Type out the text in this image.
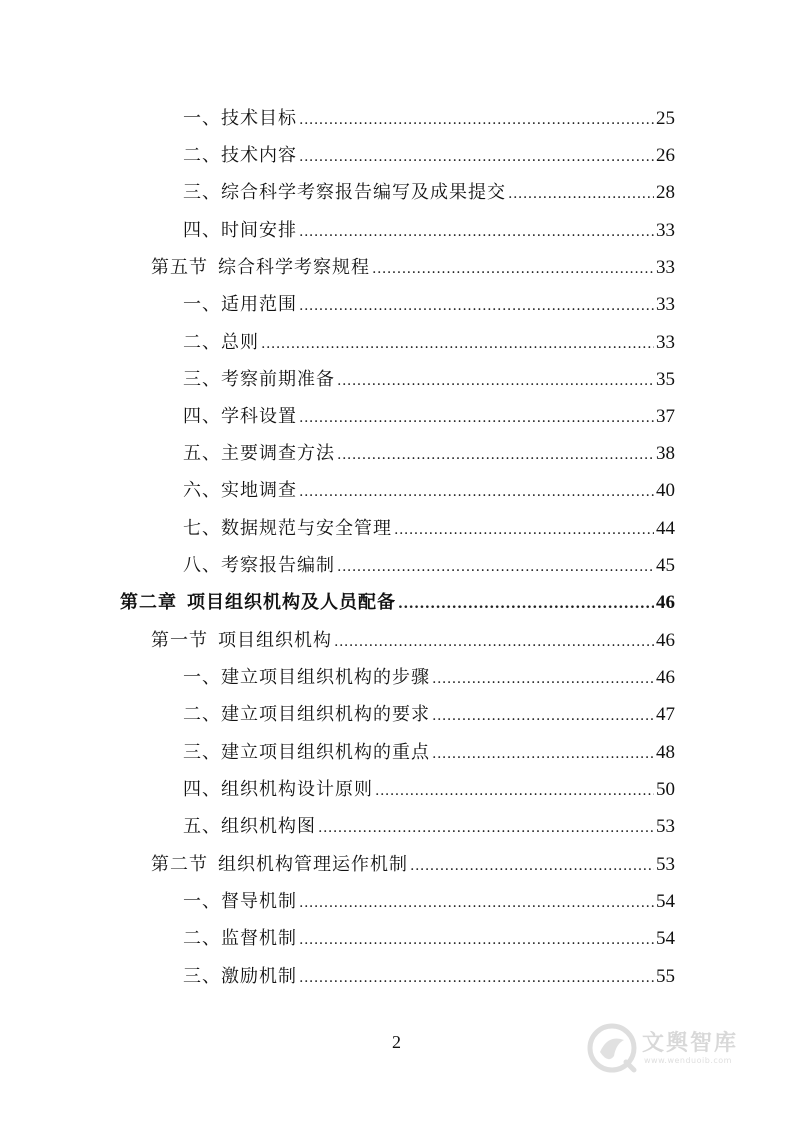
一、技术目标 .....	25
二、技术内容 .....	26
三、综合科学考察报告编写及成果提交 .....	28
四、时间安排 .....	33
第五节 综合科学考察规程 .....	33
一、适用范围 .....	33
二、总则 .....	33
三、考察前期准备 .....	35
四、学科设置 .....	37
五、主要调查方法 .....	38
六、实地调查 .....	40
七、数据规范与安全管理 .....	44
八、考察报告编制 .....	45
第二章 项目组织机构及人员配备 .....	46
第一节 项目组织机构 .....	46
一、建立项目组织机构的步骤 .....	46
二、建立项目组织机构的要求 .....	47
三、建立项目组织机构的重点 .....	48
四、组织机构设计原则 .....	50
五、组织机构图 .....	53
第二节 组织机构管理运作机制 .....	53
一、督导机制 .....	54
二、监督机制 .....	54
三、激励机制 .....	55
2	文舆智库
www.wenduoib.com
